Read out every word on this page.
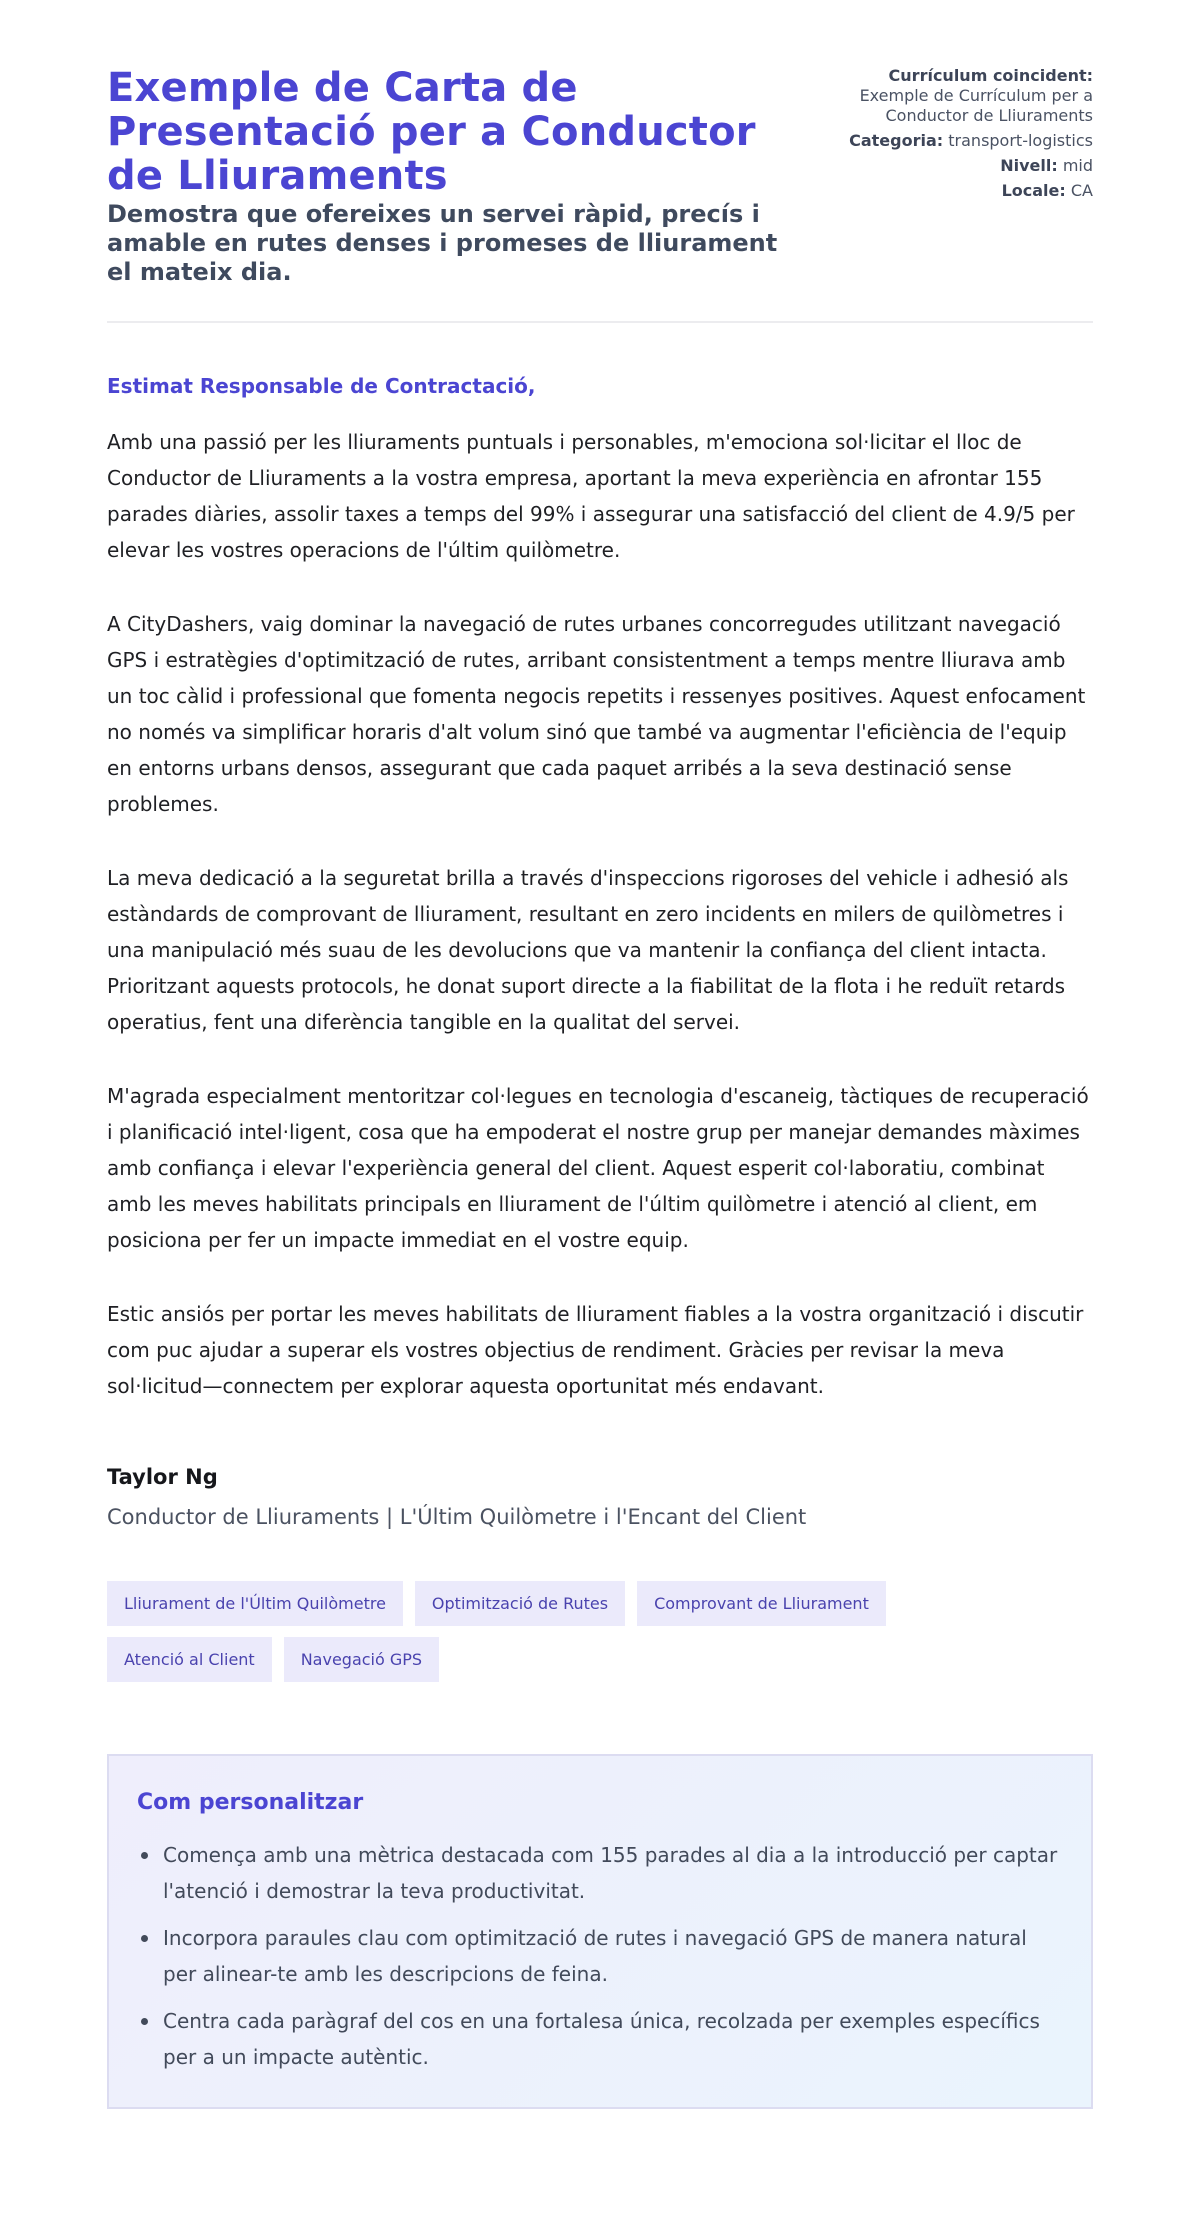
Exemple de Carta de Presentació per a Conductor de Lliuraments
Demostra que ofereixes un servei ràpid, precís i amable en rutes denses i promeses de lliurament el mateix dia.
Currículum coincident:
Exemple de Currículum per a Conductor de Lliuraments
Categoria: transport-logistics
Nivell: mid
Locale: CA
Estimat Responsable de Contractació,

Amb una passió per les lliuraments puntuals i personables, m'emociona sol·licitar el lloc de Conductor de Lliuraments a la vostra empresa, aportant la meva experiència en afrontar 155 parades diàries, assolir taxes a temps del 99% i assegurar una satisfacció del client de 4.9/5 per elevar les vostres operacions de l'últim quilòmetre.

A CityDashers, vaig dominar la navegació de rutes urbanes concorregudes utilitzant navegació GPS i estratègies d'optimització de rutes, arribant consistentment a temps mentre lliurava amb un toc càlid i professional que fomenta negocis repetits i ressenyes positives. Aquest enfocament no només va simplificar horaris d'alt volum sinó que també va augmentar l'eficiència de l'equip en entorns urbans densos, assegurant que cada paquet arribés a la seva destinació sense problemes.

La meva dedicació a la seguretat brilla a través d'inspeccions rigoroses del vehicle i adhesió als estàndards de comprovant de lliurament, resultant en zero incidents en milers de quilòmetres i una manipulació més suau de les devolucions que va mantenir la confiança del client intacta. Prioritzant aquests protocols, he donat suport directe a la fiabilitat de la flota i he reduït retards operatius, fent una diferència tangible en la qualitat del servei.

M'agrada especialment mentoritzar col·legues en tecnologia d'escaneig, tàctiques de recuperació i planificació intel·ligent, cosa que ha empoderat el nostre grup per manejar demandes màximes amb confiança i elevar l'experiència general del client. Aquest esperit col·laboratiu, combinat amb les meves habilitats principals en lliurament de l'últim quilòmetre i atenció al client, em posiciona per fer un impacte immediat en el vostre equip.

Estic ansiós per portar les meves habilitats de lliurament fiables a la vostra organització i discutir com puc ajudar a superar els vostres objectius de rendiment. Gràcies per revisar la meva sol·licitud—connectem per explorar aquesta oportunitat més endavant.

Taylor Ng
Conductor de Lliuraments | L'Últim Quilòmetre i l'Encant del Client
Lliurament de l'Últim Quilòmetre	Optimització de Rutes	Comprovant de Lliurament
Atenció al Client	Navegació GPS
Com personalitzar
Comença amb una mètrica destacada com 155 parades al dia a la introducció per captar l'atenció i demostrar la teva productivitat.
Incorpora paraules clau com optimització de rutes i navegació GPS de manera natural per alinear-te amb les descripcions de feina.
Centra cada paràgraf del cos en una fortalesa única, recolzada per exemples específics per a un impacte autèntic.
